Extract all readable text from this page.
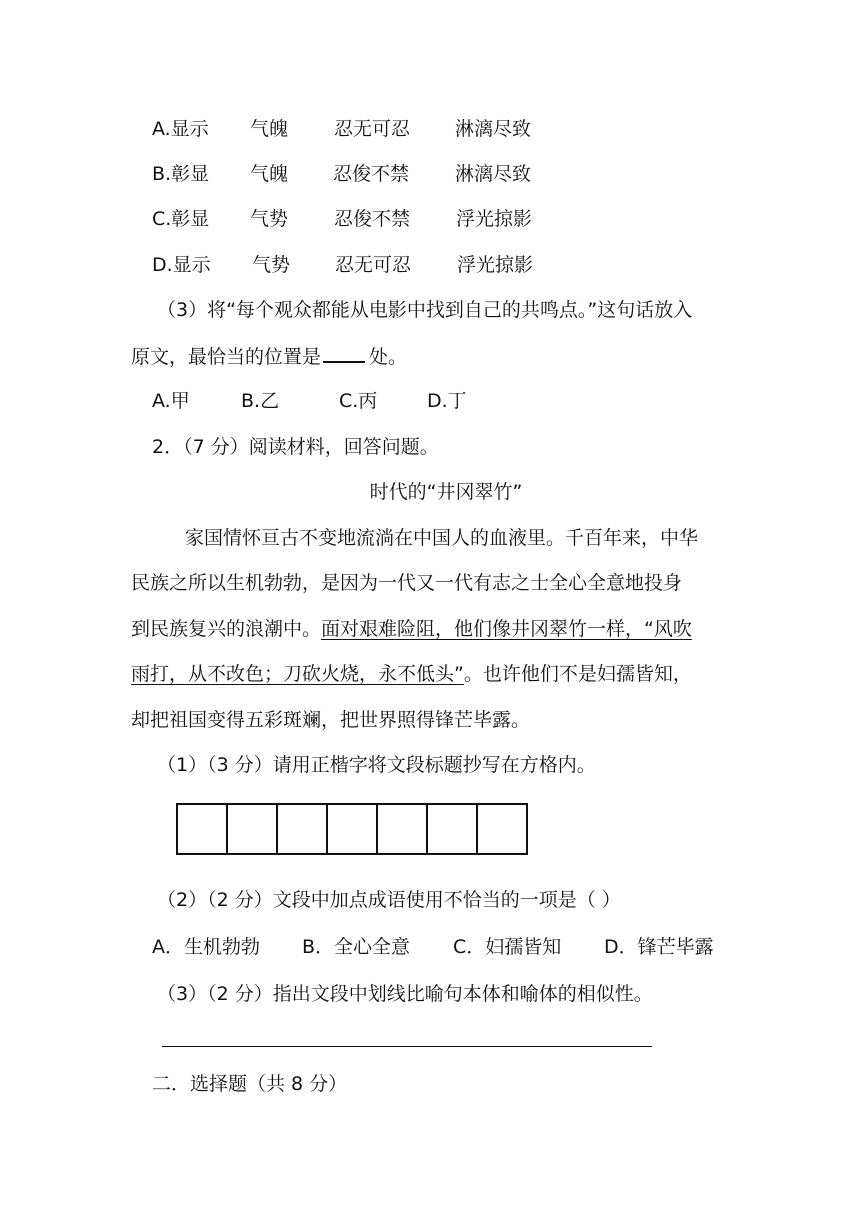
A.显示 气魄 忍无可忍 淋漓尽致
B.彰显 气魄 忍俊不禁 淋漓尽致
C.彰显 气势 忍俊不禁 浮光掠影
D.显示 气势 忍无可忍 浮光掠影
（3）将“每个观众都能从电影中找到自己的共鸣点。”这句话放入
原文，最恰当的位置是	处。
A.甲	B.乙	C.丙	D.丁
2．（7 分）阅读材料，回答问题。
时代的“井冈翠竹”
家国情怀亘古不变地流淌在中国人的血液里。千百年来，中华
民族之所以生机勃勃，是因为一代又一代有志之士全心全意地投身
到民族复兴的浪潮中。面对艰难险阻，他们像井冈翠竹一样，“风吹
雨打，从不改色；刀砍火烧，永不低头”。也许他们不是妇孺皆知，
却把祖国变得五彩斑斓，把世界照得锋芒毕露。
（1）（3 分）请用正楷字将文段标题抄写在方格内。
（2）（2 分）文段中加点成语使用不恰当的一项是（ ）
A．生机勃勃 B．全心全意 C．妇孺皆知 D．锋芒毕露
（3）（2 分）指出文段中划线比喻句本体和喻体的相似性。
二．选择题（共 8 分）
